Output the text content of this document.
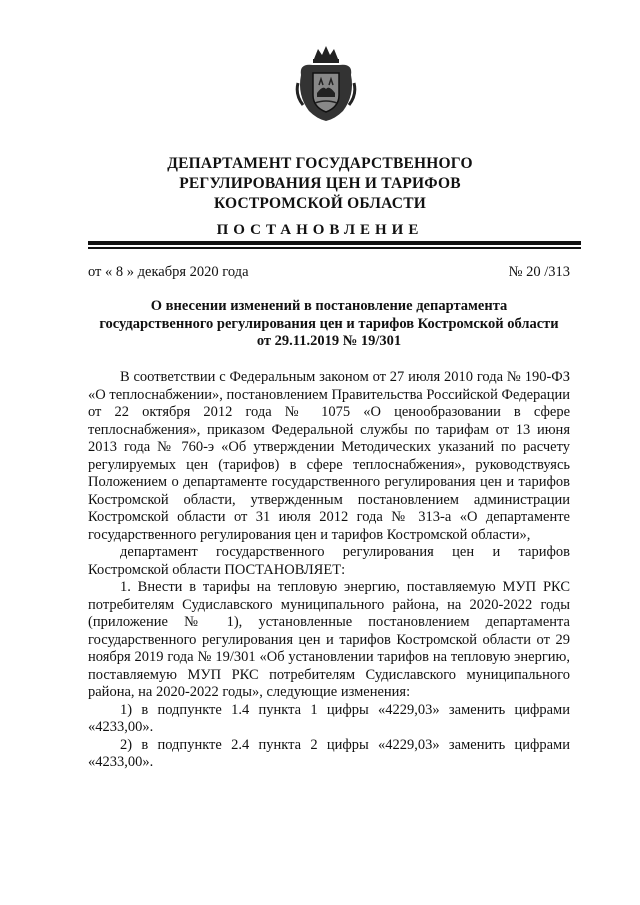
ДЕПАРТАМЕНТ ГОСУДАРСТВЕННОГО
РЕГУЛИРОВАНИЯ ЦЕН И ТАРИФОВ
КОСТРОМСКОЙ ОБЛАСТИ
ПОСТАНОВЛЕНИЕ
от « 8 » декабря 2020 года	№ 20 /313
О внесении изменений в постановление департамента
государственного регулирования цен и тарифов Костромской области
от 29.11.2019 № 19/301

В соответствии с Федеральным законом от 27 июля 2010 года № 190-ФЗ «О теплоснабжении», постановлением Правительства Российской Федерации от 22 октября 2012 года № 1075 «О ценообразовании в сфере теплоснабжения», приказом Федеральной службы по тарифам от 13 июня 2013 года № 760-э «Об утверждении Методических указаний по расчету регулируемых цен (тарифов) в сфере теплоснабжения», руководствуясь Положением о департаменте государственного регулирования цен и тарифов Костромской области, утвержденным постановлением администрации Костромской области от 31 июля 2012 года № 313-а «О департаменте государственного регулирования цен и тарифов Костромской области»,

департамент государственного регулирования цен и тарифов Костромской области ПОСТАНОВЛЯЕТ:

1. Внести в тарифы на тепловую энергию, поставляемую МУП РКС потребителям Судиславского муниципального района, на 2020-2022 годы (приложение № 1), установленные постановлением департамента государственного регулирования цен и тарифов Костромской области от 29 ноября 2019 года № 19/301 «Об установлении тарифов на тепловую энергию, поставляемую МУП РКС потребителям Судиславского муниципального района, на 2020-2022 годы», следующие изменения:

1) в подпункте 1.4 пункта 1 цифры «4229,03» заменить цифрами «4233,00».

2) в подпункте 2.4 пункта 2 цифры «4229,03» заменить цифрами «4233,00».
